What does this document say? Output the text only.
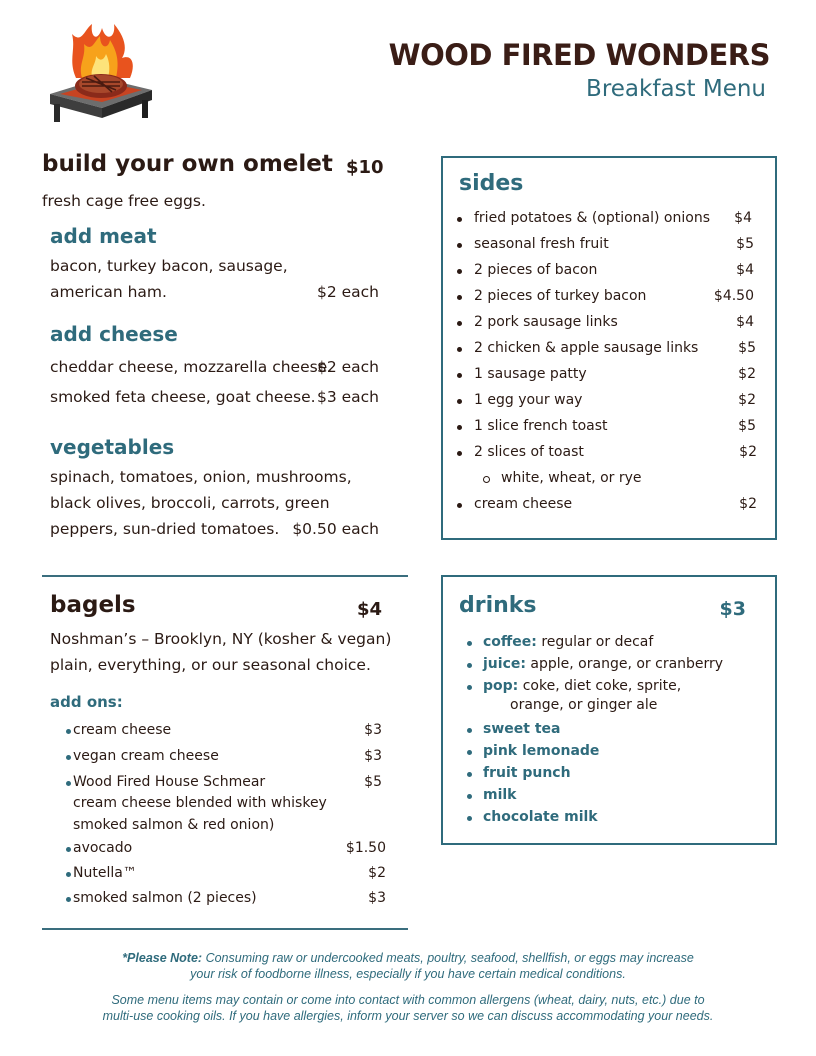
WOOD FIRED WONDERS
Breakfast Menu
build your own omelet $10
fresh cage free eggs.
add meat
bacon, turkey bacon, sausage,
american ham.	$2 each
add cheese
cheddar cheese, mozzarella cheese.
$2 each
smoked feta cheese, goat cheese. $3 each
vegetables
spinach, tomatoes, onion, mushrooms,
black olives, broccoli, carrots, green
peppers, sun-dried tomatoes. $0.50 each
bagels	$4
Noshman’s – Brooklyn, NY (kosher & vegan)
plain, everything, or our seasonal choice.
add ons:
cream cheese	$3
vegan cream cheese	$3
Wood Fired House Schmear	$5
cream cheese blended with whiskey
smoked salmon & red onion)
avocado	$1.50
Nutella™	$2
smoked salmon (2 pieces)	$3
sides
fried potatoes & (optional) onions $4
seasonal fresh fruit	$5
2 pieces of bacon	$4
2 pieces of turkey bacon	$4.50
2 pork sausage links	$4
2 chicken & apple sausage links	$5
1 sausage patty	$2
1 egg your way	$2
1 slice french toast	$5
2 slices of toast	$2
white, wheat, or rye
cream cheese	$2
drinks	$3
coffee: regular or decaf
juice: apple, orange, or cranberry
pop: coke, diet coke, sprite,
orange, or ginger ale
sweet tea
pink lemonade
fruit punch
milk
chocolate milk
*Please Note: Consuming raw or undercooked meats, poultry, seafood, shellfish, or eggs may increase
your risk of foodborne illness, especially if you have certain medical conditions.
Some menu items may contain or come into contact with common allergens (wheat, dairy, nuts, etc.) due to
multi-use cooking oils. If you have allergies, inform your server so we can discuss accommodating your needs.
